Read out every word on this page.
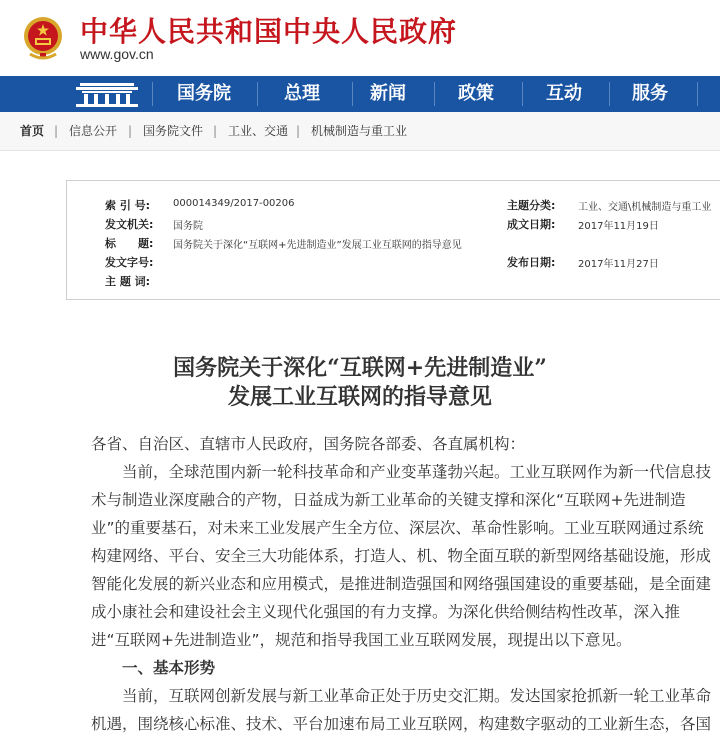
中华人民共和国中央人民政府
www.gov.cn
国务院	总理	新闻	政策	互动	服务
首页 | 信息公开 | 国务院文件 | 工业、交通 | 机械制造与重工业
索 引 号: 000014349/2017-00206	主题分类: 工业、交通\机械制造与重工业
发文机关: 国务院	成文日期: 2017年11月19日
标　　题: 国务院关于深化“互联网+先进制造业”发展工业互联网的指导意见
发文字号:	发布日期: 2017年11月27日
主 题 词:
国务院关于深化“互联网+先进制造业”
发展工业互联网的指导意见
各省、自治区、直辖市人民政府，国务院各部委、各直属机构：
　　当前，全球范围内新一轮科技革命和产业变革蓬勃兴起。工业互联网作为新一代信息技
术与制造业深度融合的产物，日益成为新工业革命的关键支撑和深化“互联网+先进制造
业”的重要基石，对未来工业发展产生全方位、深层次、革命性影响。工业互联网通过系统
构建网络、平台、安全三大功能体系，打造人、机、物全面互联的新型网络基础设施，形成
智能化发展的新兴业态和应用模式，是推进制造强国和网络强国建设的重要基础，是全面建
成小康社会和建设社会主义现代化强国的有力支撑。为深化供给侧结构性改革，深入推
进“互联网+先进制造业”，规范和指导我国工业互联网发展，现提出以下意见。
　　一、基本形势
　　当前，互联网创新发展与新工业革命正处于历史交汇期。发达国家抢抓新一轮工业革命
机遇，围绕核心标准、技术、平台加速布局工业互联网，构建数字驱动的工业新生态，各国
